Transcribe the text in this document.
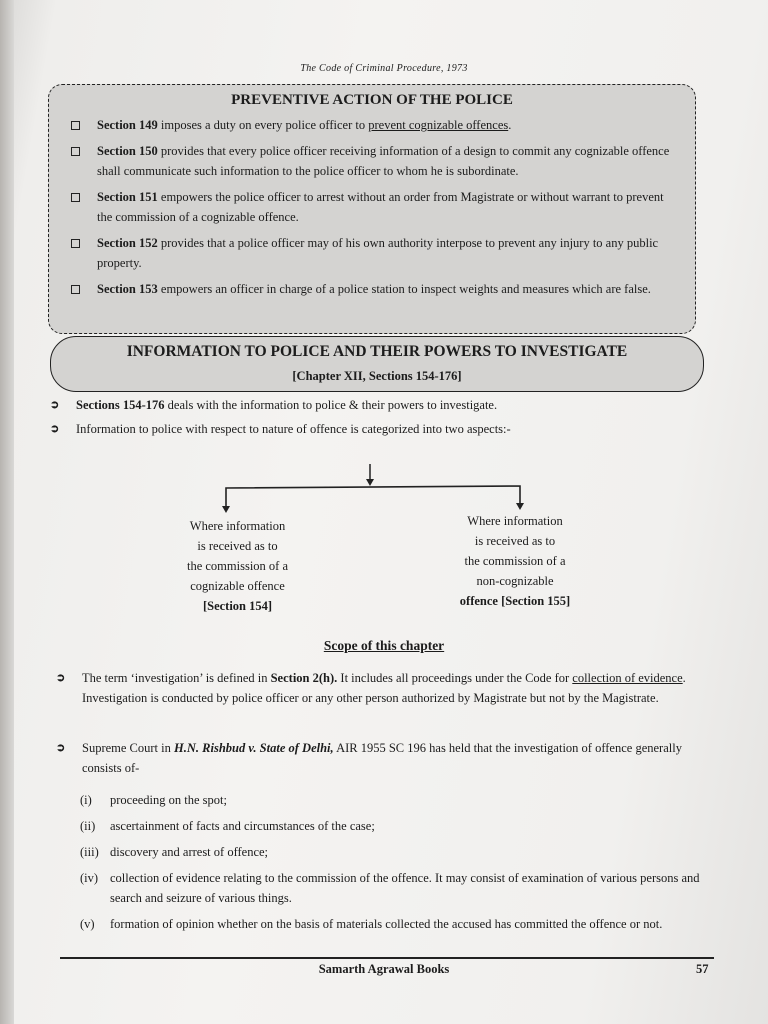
The Code of Criminal Procedure, 1973
PREVENTIVE ACTION OF THE POLICE
Section 149 imposes a duty on every police officer to prevent cognizable offences.
Section 150 provides that every police officer receiving information of a design to commit any cognizable offence shall communicate such information to the police officer to whom he is subordinate.
Section 151 empowers the police officer to arrest without an order from Magistrate or without warrant to prevent the commission of a cognizable offence.
Section 152 provides that a police officer may of his own authority interpose to prevent any injury to any public property.
Section 153 empowers an officer in charge of a police station to inspect weights and measures which are false.
INFORMATION TO POLICE AND THEIR POWERS TO INVESTIGATE
[Chapter XII, Sections 154-176]
➲	Sections 154-176 deals with the information to police & their powers to investigate.
➲	Information to police with respect to nature of offence is categorized into two aspects:-
Where information
is received as to
the commission of a
cognizable offence
[Section 154]
Where information
is received as to
the commission of a
non-cognizable
offence [Section 155]
Scope of this chapter
➲	The term ‘investigation’ is defined in Section 2(h). It includes all proceedings under the Code for collection of evidence. Investigation is conducted by police officer or any other person authorized by Magistrate but not by the Magistrate.
➲	Supreme Court in H.N. Rishbud v. State of Delhi, AIR 1955 SC 196 has held that the investigation of offence generally consists of-
(i) proceeding on the spot;
(ii) ascertainment of facts and circumstances of the case;
(iii) discovery and arrest of offence;
(iv) collection of evidence relating to the commission of the offence. It may consist of examination of various persons and search and seizure of various things.
(v) formation of opinion whether on the basis of materials collected the accused has committed the offence or not.
Samarth Agrawal Books	57
